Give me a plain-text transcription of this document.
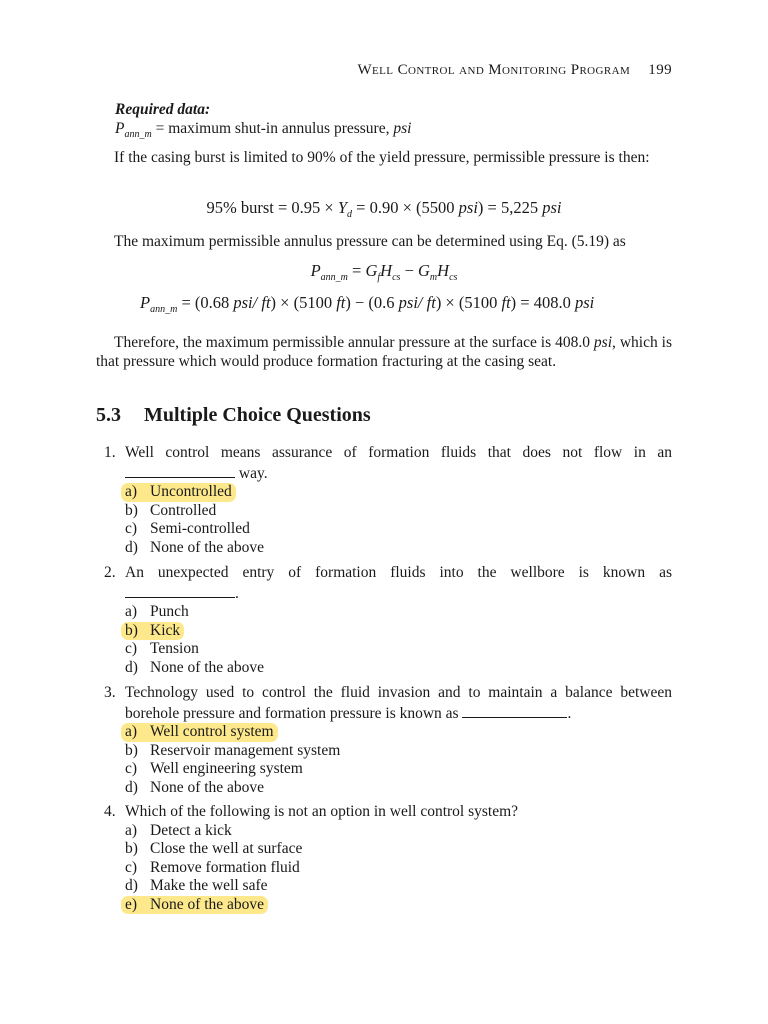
Well Control and Monitoring Program 199
Required data:
$P_{ann\_m}$ = maximum shut-in annulus pressure, psi
If the casing burst is limited to 90% of the yield pressure, permissible pressure is then:
95% burst = $0.95 \times Y_d = 0.90 \times (5500$ psi) = 5,225 psi
The maximum permissible annulus pressure can be determined using Eq. (5.19) as
$P_{ann\_m} = G_fH_{cs} - G_mH_{cs}$
$P_{ann\_m} = (0.68$ psi/ ft) × (5100 ft) − (0.6 psi/ ft) × (5100 ft) = 408.0 psi
Therefore, the maximum permissible annular pressure at the surface is 408.0 psi, which is that pressure which would produce formation fracturing at the casing seat.
5.3 Multiple Choice Questions
1. Well control means assurance of formation fluids that does not flow in an  way.
a) Uncontrolled
b) Controlled
c) Semi-controlled
d) None of the above
2. An unexpected entry of formation fluids into the wellbore is known as .
a) Punch
b) Kick
c) Tension
d) None of the above
3. Technology used to control the fluid invasion and to maintain a balance between borehole pressure and formation pressure is known as	.
a) Well control system
b) Reservoir management system
c) Well engineering system
d) None of the above
4. Which of the following is not an option in well control system?
a) Detect a kick
b) Close the well at surface
c) Remove formation fluid
d) Make the well safe
e) None of the above
